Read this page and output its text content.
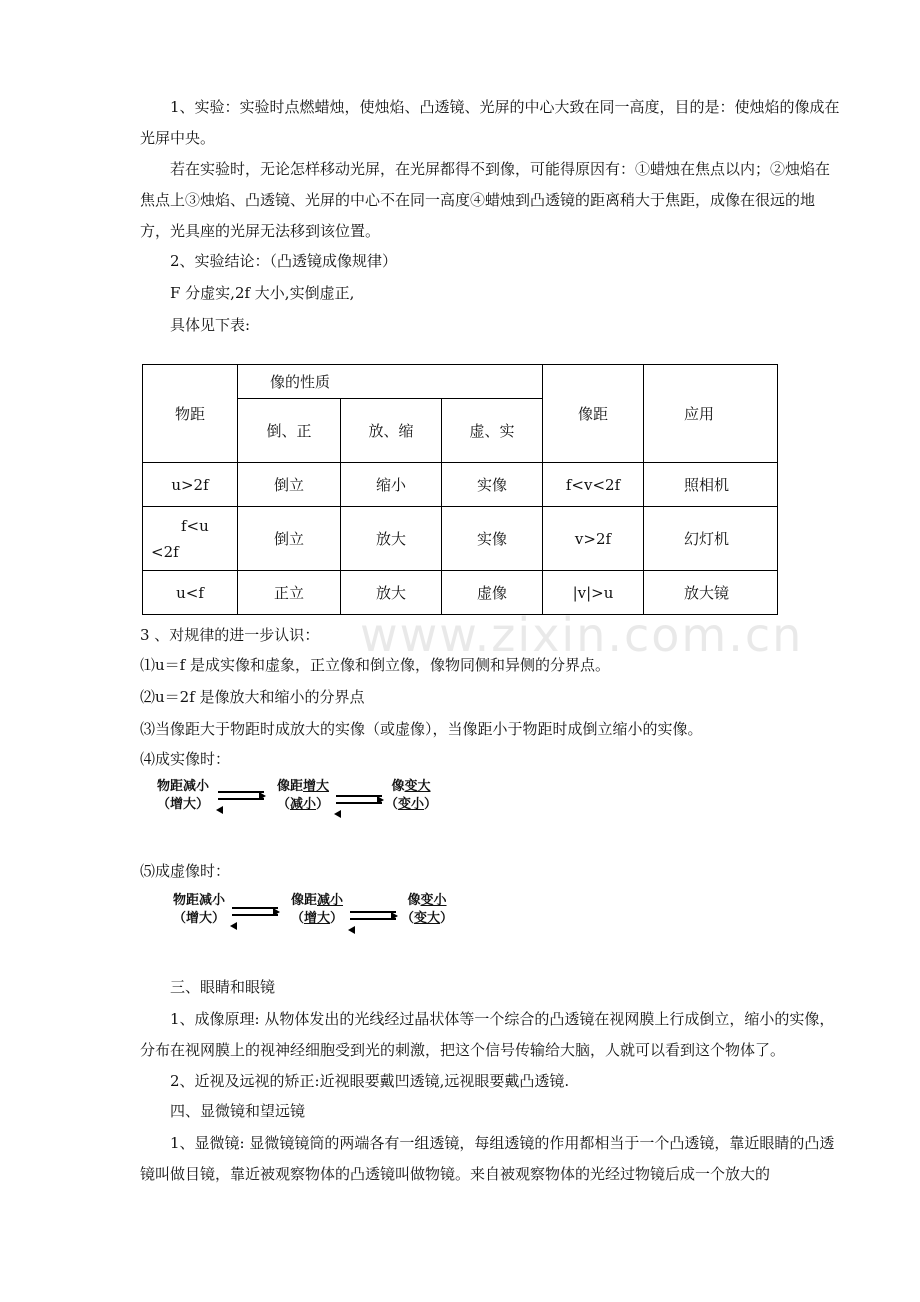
1、实验：实验时点燃蜡烛，使烛焰、凸透镜、光屏的中心大致在同一高度，目的是：使烛焰的像成在光屏中央。

若在实验时，无论怎样移动光屏，在光屏都得不到像，可能得原因有：①蜡烛在焦点以内；②烛焰在焦点上③烛焰、凸透镜、光屏的中心不在同一高度④蜡烛到凸透镜的距离稍大于焦距，成像在很远的地方，光具座的光屏无法移到该位置。

2、实验结论：（凸透镜成像规律）

F 分虚实,2f 大小,实倒虚正,

具体见下表:

物距	像的性质			像距	应用
	倒、正	放、缩	虚、实		
u>2f	倒立	缩小	实像	f<v<2f	照相机
f<u<2f	倒立	放大	实像	v>2f	幻灯机
u<f	正立	放大	虚像	|v|>u	放大镜

3 、对规律的进一步认识：

⑴u＝f 是成实像和虚象，正立像和倒立像，像物同侧和异侧的分界点。

⑵u＝2f 是像放大和缩小的分界点

⑶当像距大于物距时成放大的实像（或虚像），当像距小于物距时成倒立缩小的实像。

⑷成实像时：

物距减小
（增大）
像距增大
（减小）
像变大
（变小）

⑸成虚像时：

物距减小
（增大）
像距减小
（增大）
像变小
（变大）

三、眼睛和眼镜

1、成像原理: 从物体发出的光线经过晶状体等一个综合的凸透镜在视网膜上行成倒立，缩小的实像，分布在视网膜上的视神经细胞受到光的刺激，把这个信号传输给大脑，人就可以看到这个物体了。

2、近视及远视的矫正:近视眼要戴凹透镜,远视眼要戴凸透镜.

四、显微镜和望远镜

1、显微镜: 显微镜镜筒的两端各有一组透镜，每组透镜的作用都相当于一个凸透镜，靠近眼睛的凸透镜叫做目镜，靠近被观察物体的凸透镜叫做物镜。来自被观察物体的光经过物镜后成一个放大的

www.zixin.com.cn
